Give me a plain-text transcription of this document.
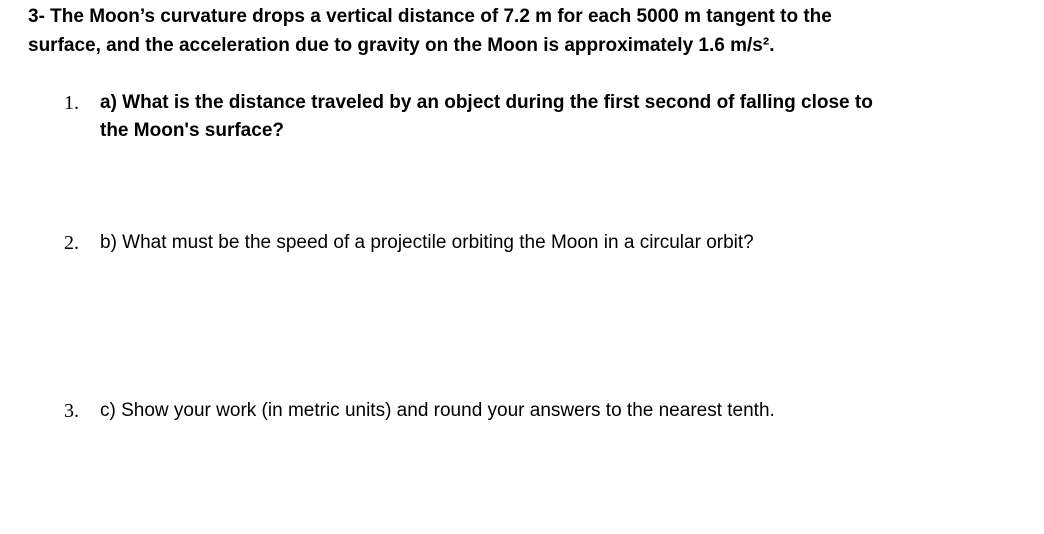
3- The Moon’s curvature drops a vertical distance of 7.2 m for each 5000 m tangent to the
surface, and the acceleration due to gravity on the Moon is approximately 1.6 m/s².
1.	a) What is the distance traveled by an object during the first second of falling close to
the Moon's surface?
2.	b) What must be the speed of a projectile orbiting the Moon in a circular orbit?
3.	c) Show your work (in metric units) and round your answers to the nearest tenth.
